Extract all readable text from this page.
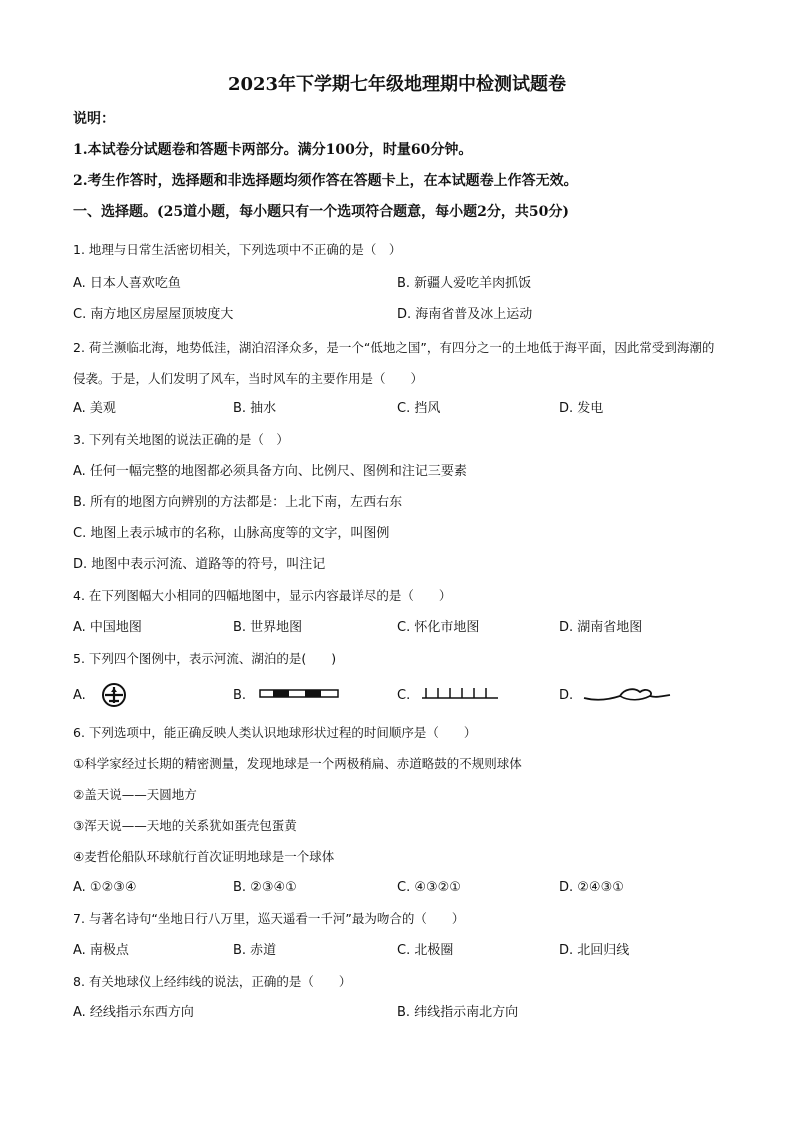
2023年下学期七年级地理期中检测试题卷
说明：
1.本试卷分试题卷和答题卡两部分。满分100分，时量60分钟。
2.考生作答时，选择题和非选择题均须作答在答题卡上，在本试题卷上作答无效。
一、选择题。(25道小题，每小题只有一个选项符合题意，每小题2分，共50分)
1. 地理与日常生活密切相关，下列选项中不正确的是（　）
A. 日本人喜欢吃鱼	B. 新疆人爱吃羊肉抓饭
C. 南方地区房屋屋顶坡度大	D. 海南省普及冰上运动
2. 荷兰濒临北海，地势低洼，湖泊沼泽众多，是一个“低地之国”，有四分之一的土地低于海平面，因此常受到海潮的侵袭。于是，人们发明了风车，当时风车的主要作用是（　　）
A. 美观	B. 抽水	C. 挡风	D. 发电
3. 下列有关地图的说法正确的是（　）
A. 任何一幅完整的地图都必须具备方向、比例尺、图例和注记三要素
B. 所有的地图方向辨别的方法都是：上北下南，左西右东
C. 地图上表示城市的名称，山脉高度等的文字，叫图例
D. 地图中表示河流、道路等的符号，叫注记
4. 在下列图幅大小相同的四幅地图中，显示内容最详尽的是（　　）
A. 中国地图	B. 世界地图	C. 怀化市地图	D. 湖南省地图
5. 下列四个图例中，表示河流、湖泊的是(　　)
A.	B.	C.	D.
6. 下列选项中，能正确反映人类认识地球形状过程的时间顺序是（　　）
①科学家经过长期的精密测量，发现地球是一个两极稍扁、赤道略鼓的不规则球体
②盖天说——天圆地方
③浑天说——天地的关系犹如蛋壳包蛋黄
④麦哲伦船队环球航行首次证明地球是一个球体
A. ①②③④	B. ②③④①	C. ④③②①	D. ②④③①
7. 与著名诗句“坐地日行八万里，巡天遥看一千河”最为吻合的（　　）
A. 南极点	B. 赤道	C. 北极圈	D. 北回归线
8. 有关地球仪上经纬线的说法，正确的是（　　）
A. 经线指示东西方向	B. 纬线指示南北方向
